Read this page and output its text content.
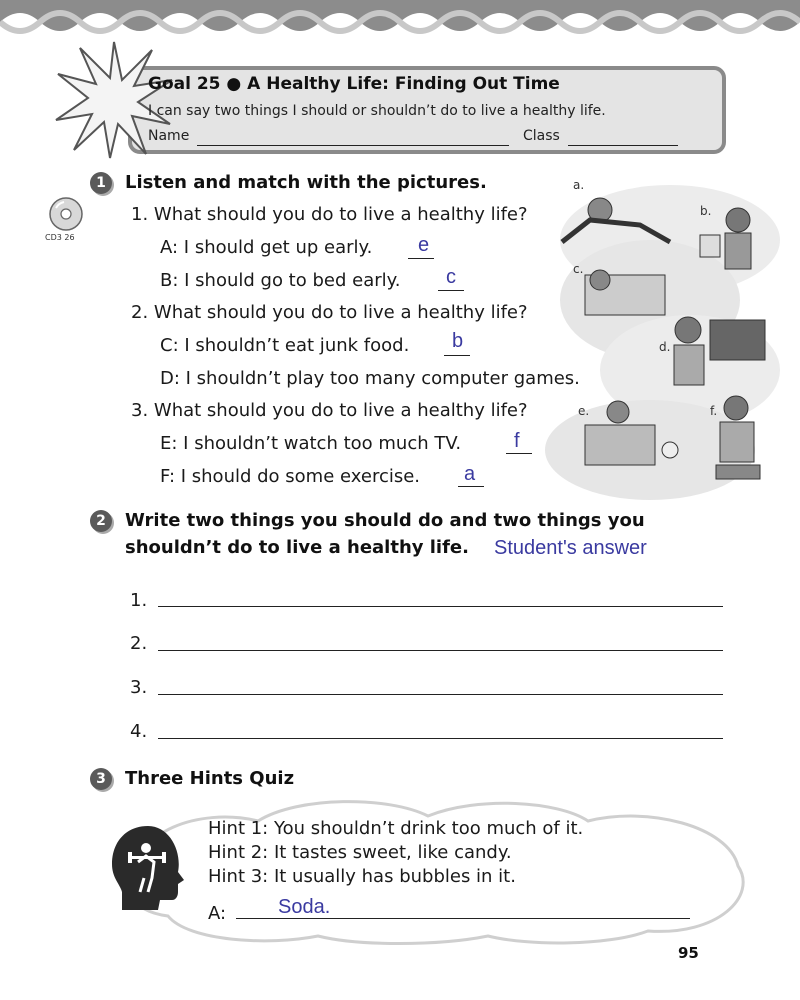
Goal 25 ● A Healthy Life: Finding Out Time
I can say two things I should or shouldn’t do to live a healthy life.
Name	Class
CD3 26
1	Listen and match with the pictures.
1. What should you do to live a healthy life?
A: I should get up early. e
B: I should go to bed early. c
2. What should you do to live a healthy life?
C: I shouldn’t eat junk food. b
D: I shouldn’t play too many computer games.
3. What should you do to live a healthy life?
E: I shouldn’t watch too much TV.	f
F: I should do some exercise. a
a.
b.
c.
d.
e.	f.
2	Write two things you should do and two things you
shouldn’t do to live a healthy life. Student's answer
1.
2.
3.
4.
3	Three Hints Quiz
Hint 1: You shouldn’t drink too much of it.
Hint 2: It tastes sweet, like candy.
Hint 3: It usually has bubbles in it.
A:	Soda.
95
